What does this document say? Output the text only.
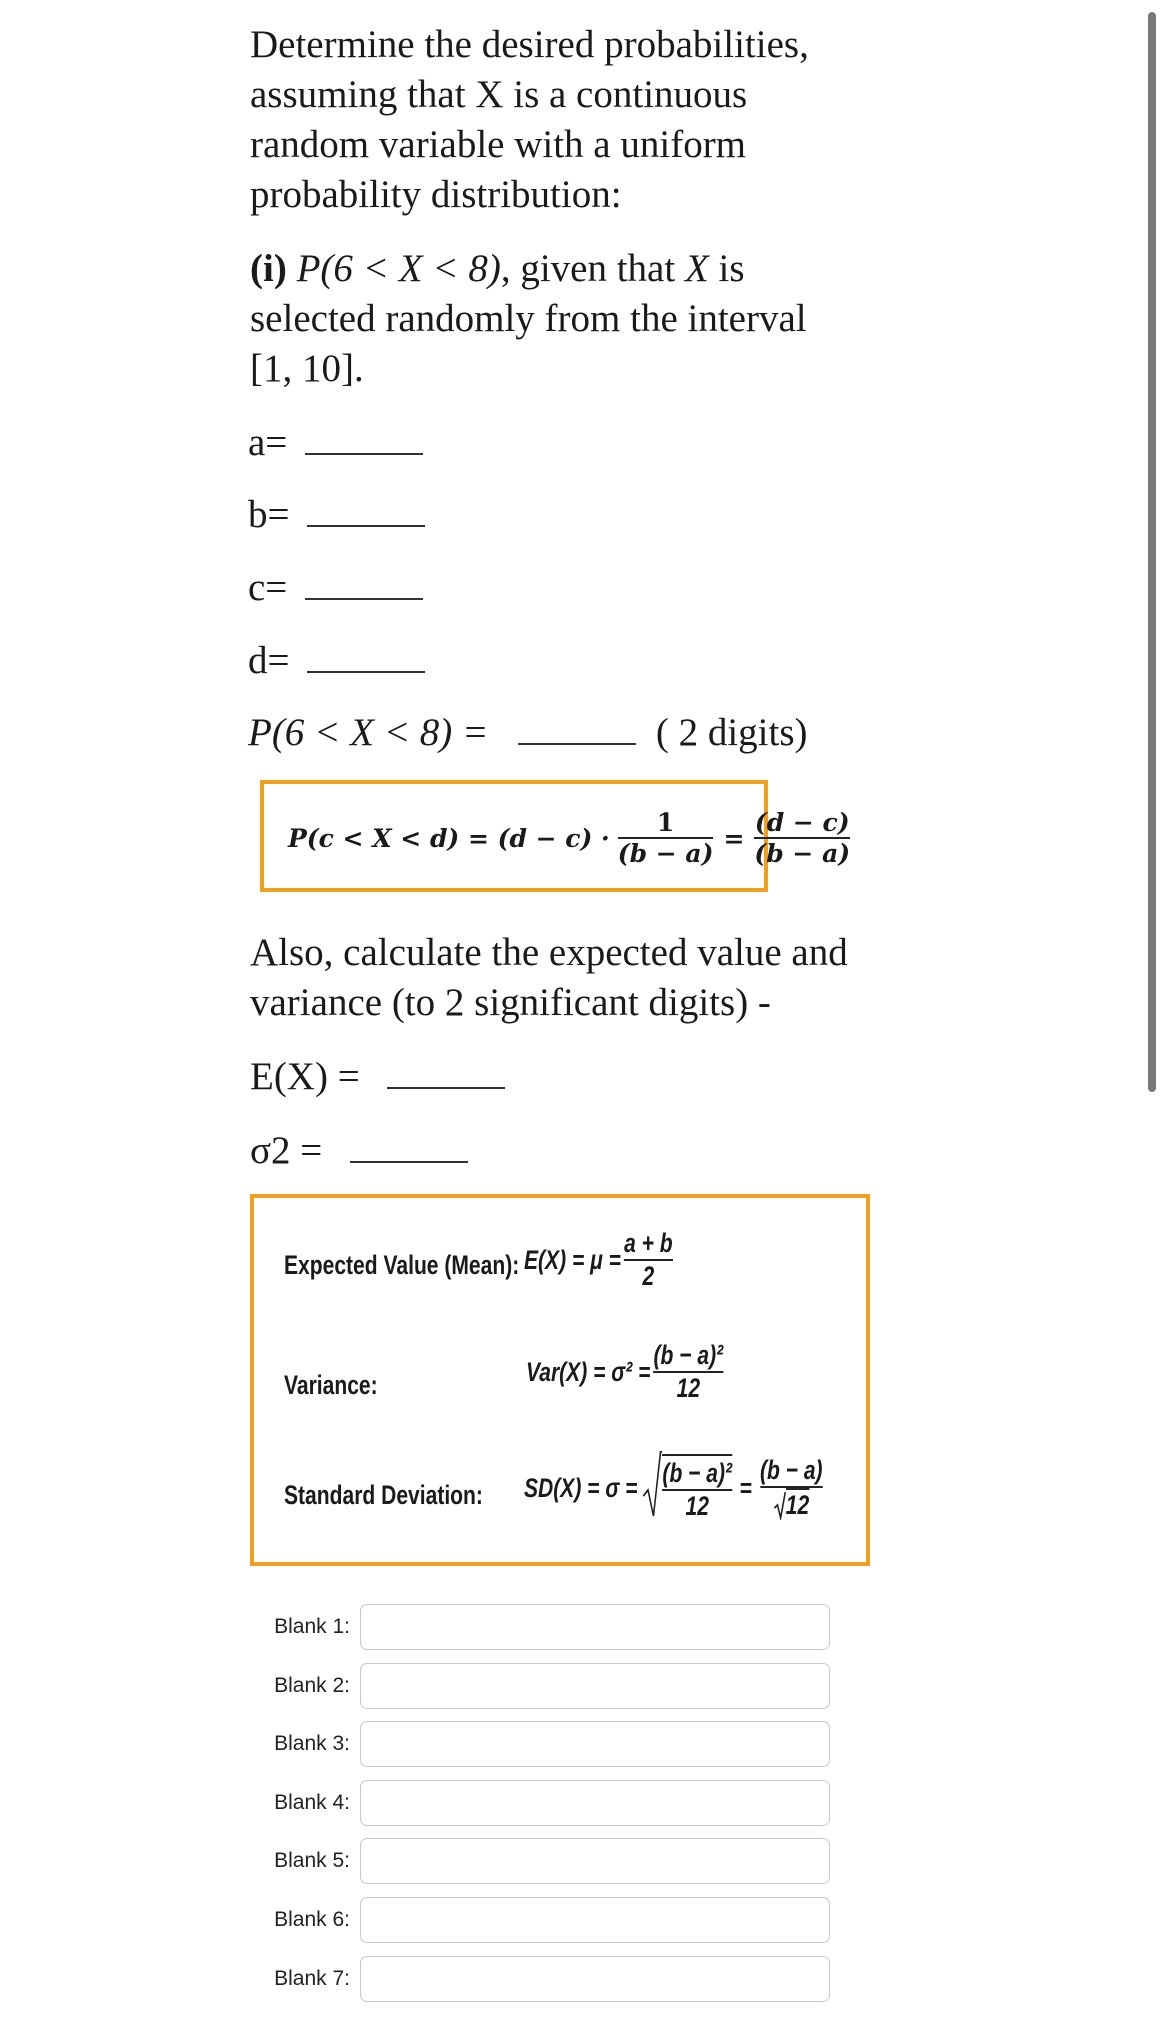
Determine the desired probabilities,
assuming that X is a continuous
random variable with a uniform
probability distribution:
(i) P(6 < X < 8), given that X is
selected randomly from the interval
[1, 10].
a=
b=
c=
d=
P(6 < X < 8) =	( 2 digits)
$P(c < X < d) = (d - c) \cdot \frac{1}{(b - a)} = \frac{(d - c)}{(b - a)}$
Also, calculate the expected value and
variance (to 2 significant digits) -
E(X) =
σ2 =
Expected Value (Mean): $E(X) = \mu = \frac{a + b}{2}$
Variance:	$Var(X) = \sigma^2 = \frac{\text{(b − a)²}}{12}$
Standard Deviation: $SD(X) = \sigma = \frac{\text{(b − a)²}}{12} = \frac{(b - a)}{12}$
Blank 1:
Blank 2:
Blank 3:
Blank 4:
Blank 5:
Blank 6:
Blank 7:
